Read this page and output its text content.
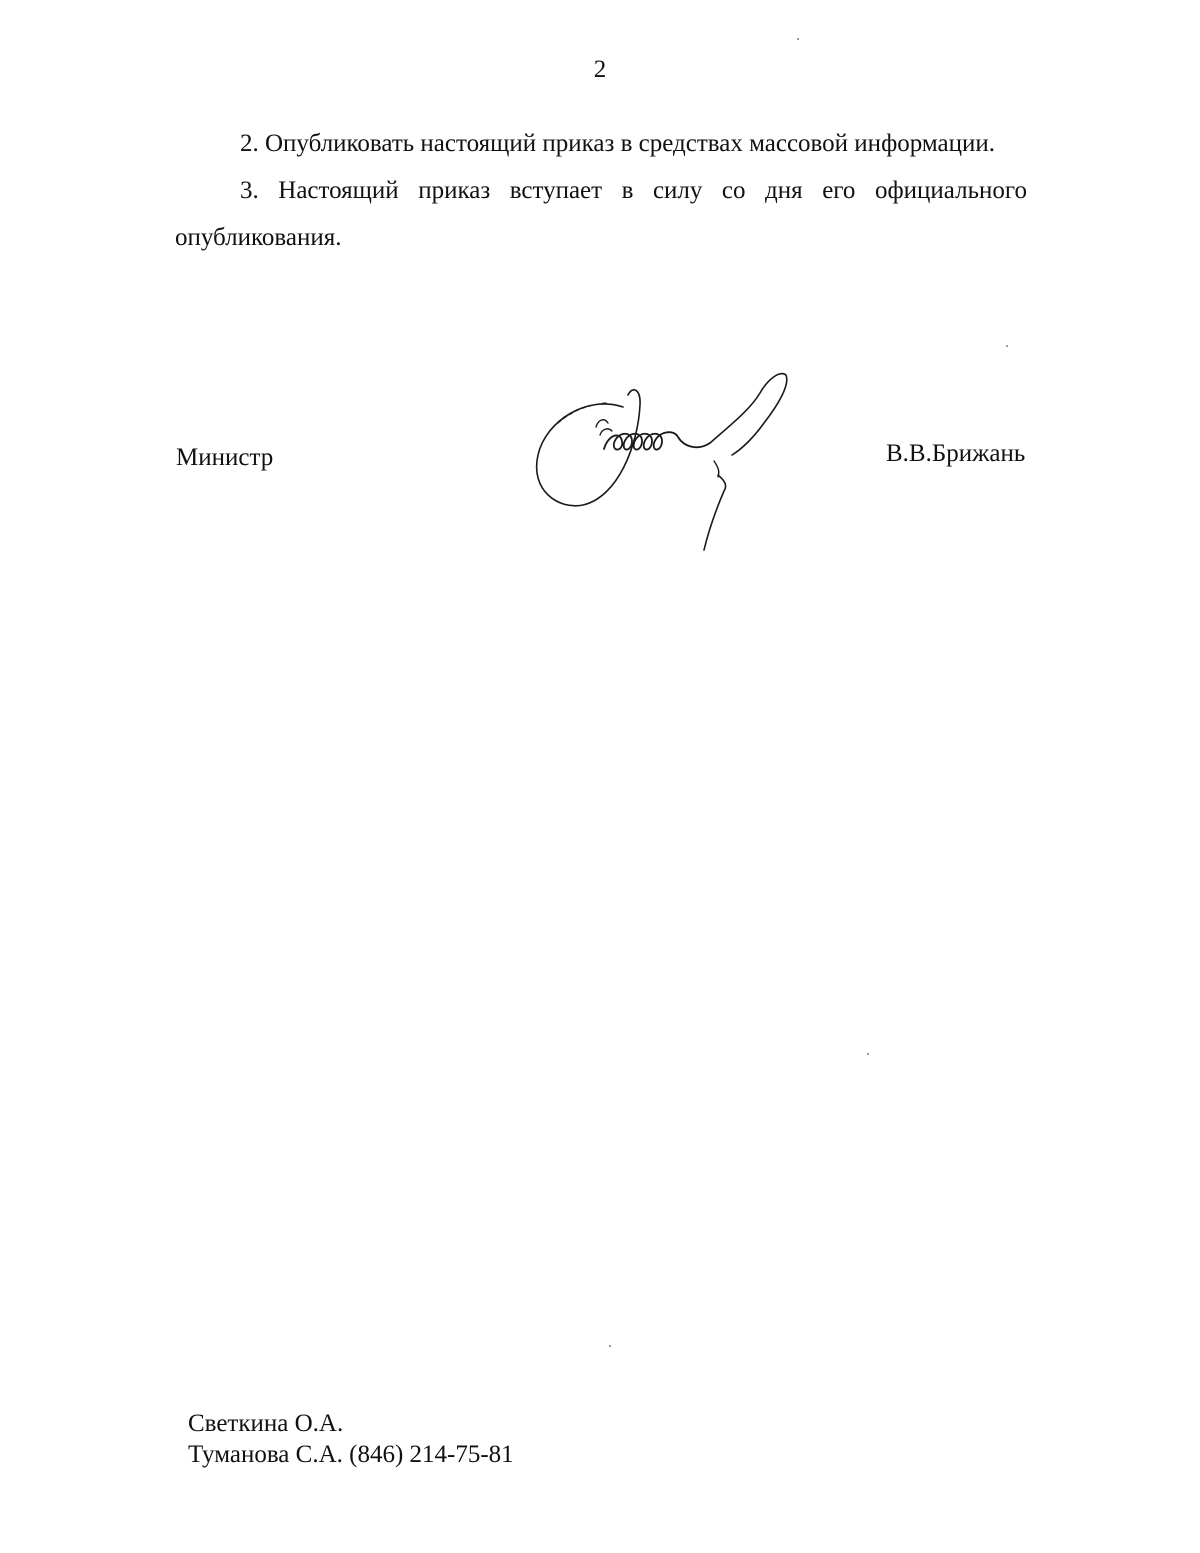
2

2. Опубликовать настоящий приказ в средствах массовой информации.

3. Настоящий приказ вступает в силу со дня его официального опубликования.

Министр	В.В.Брижань
Светкина О.А.
Туманова С.А. (846) 214-75-81
